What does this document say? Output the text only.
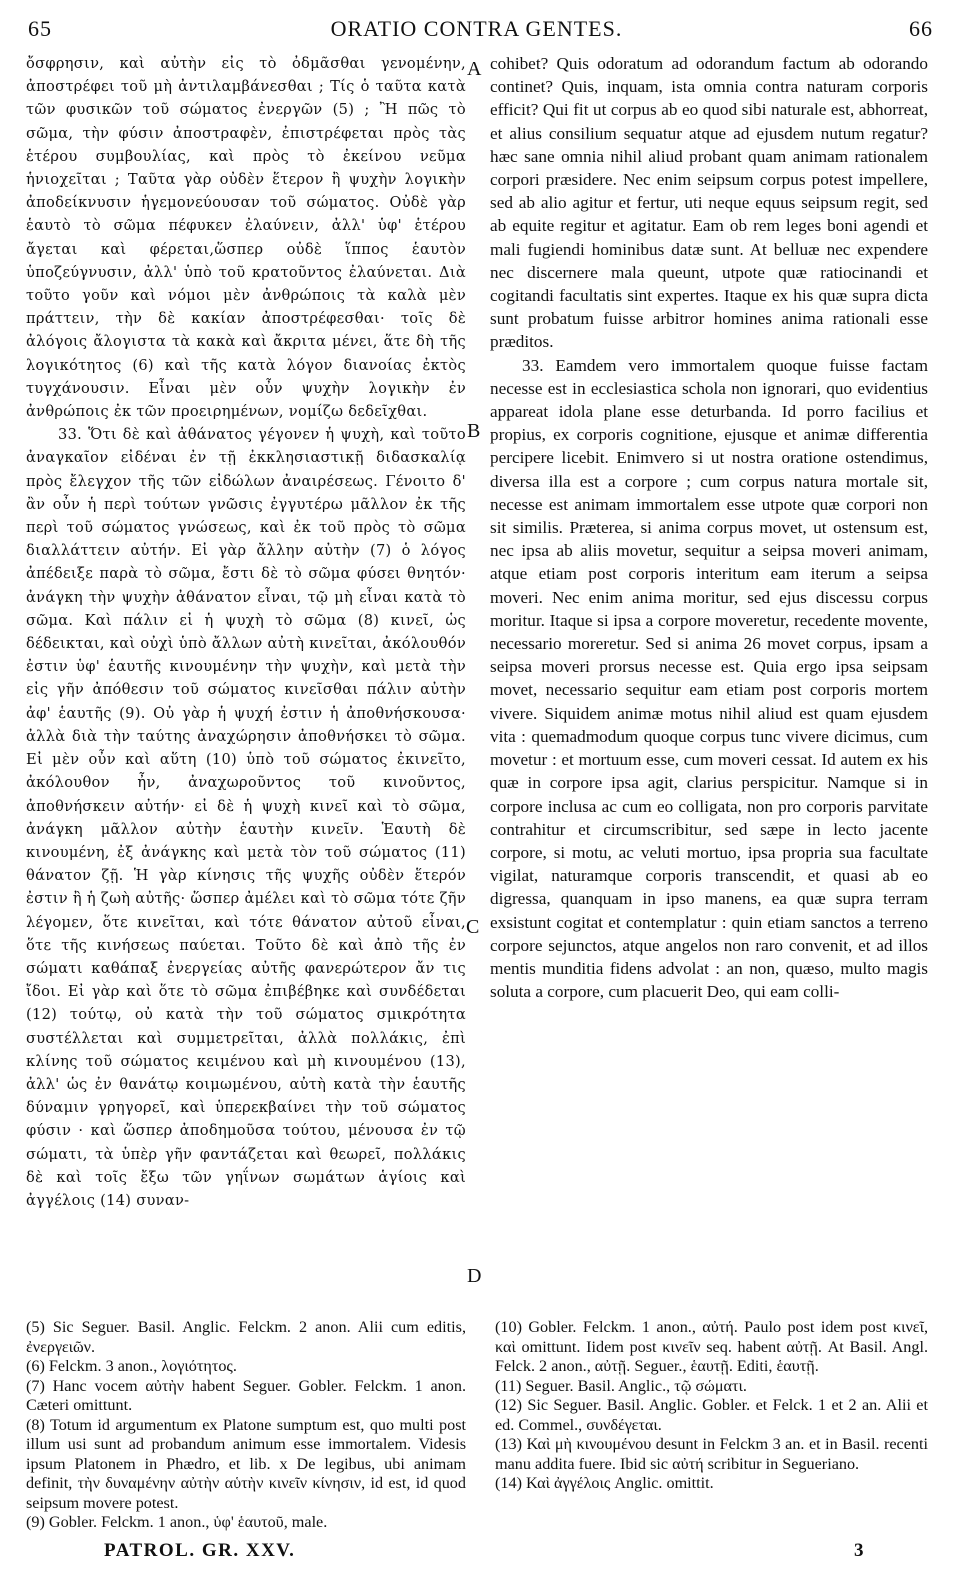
65	ORATIO CONTRA GENTES.	66

ὄσφρησιν, καὶ αὐτὴν εἰς τὸ ὀδμᾶσθαι γενομένην, ἀποστρέφει τοῦ μὴ ἀντιλαμβάνεσθαι ; Τίς ὁ ταῦτα κατὰ τῶν φυσικῶν τοῦ σώματος ἐνεργῶν (5) ; Ἢ πῶς τὸ σῶμα, τὴν φύσιν ἀποστραφὲν, ἐπιστρέφεται πρὸς τὰς ἑτέρου συμβουλίας, καὶ πρὸς τὸ ἐκείνου νεῦμα ἡνιοχεῖται ; Ταῦτα γὰρ οὐδὲν ἕτερον ἢ ψυχὴν λογικὴν ἀποδείκνυσιν ἡγεμονεύουσαν τοῦ σώματος. Οὐδὲ γὰρ ἑαυτὸ τὸ σῶμα πέφυκεν ἐλαύνειν, ἀλλ' ὑφ' ἑτέρου ἄγεται καὶ φέρεται,ὥσπερ οὐδὲ ἵππος ἑαυτὸν ὑποζεύγνυσιν, ἀλλ' ὑπὸ τοῦ κρατοῦντος ἐλαύνεται. Διὰ τοῦτο γοῦν καὶ νόμοι μὲν ἀνθρώποις τὰ καλὰ μὲν πράττειν, τὴν δὲ κακίαν ἀποστρέφεσθαι· τοῖς δὲ ἀλόγοις ἄλογιστα τὰ κακὰ καὶ ἄκριτα μένει, ἅτε δὴ τῆς λογικότητος (6) καὶ τῆς κατὰ λόγον διανοίας ἐκτὸς τυγχάνουσιν. Εἶναι μὲν οὖν ψυχὴν λογικὴν ἐν ἀνθρώποις ἐκ τῶν προειρημένων, νομίζω δεδεῖχθαι.

33. Ὅτι δὲ καὶ ἀθάνατος γέγονεν ἡ ψυχὴ, καὶ τοῦτο ἀναγκαῖον εἰδέναι ἐν τῇ ἐκκλησιαστικῇ διδασκαλίᾳ πρὸς ἔλεγχον τῆς τῶν εἰδώλων ἀναιρέσεως. Γένοιτο δ' ἂν οὖν ἡ περὶ τούτων γνῶσις ἐγγυτέρω μᾶλλον ἐκ τῆς περὶ τοῦ σώματος γνώσεως, καὶ ἐκ τοῦ πρὸς τὸ σῶμα διαλλάττειν αὐτήν. Εἰ γὰρ ἄλλην αὐτὴν (7) ὁ λόγος ἀπέδειξε παρὰ τὸ σῶμα, ἔστι δὲ τὸ σῶμα φύσει θνητόν· ἀνάγκη τὴν ψυχὴν ἀθάνατον εἶναι, τῷ μὴ εἶναι κατὰ τὸ σῶμα. Καὶ πάλιν εἰ ἡ ψυχὴ τὸ σῶμα (8) κινεῖ, ὡς δέδεικται, καὶ οὐχὶ ὑπὸ ἄλλων αὐτὴ κινεῖται, ἀκόλουθόν ἐστιν ὑφ' ἑαυτῆς κινουμένην τὴν ψυχὴν, καὶ μετὰ τὴν εἰς γῆν ἀπόθεσιν τοῦ σώματος κινεῖσθαι πάλιν αὐτὴν ἀφ' ἑαυτῆς (9). Οὐ γὰρ ἡ ψυχή ἐστιν ἡ ἀποθνήσκουσα· ἀλλὰ διὰ τὴν ταύτης ἀναχώρησιν ἀποθνήσκει τὸ σῶμα. Εἰ μὲν οὖν καὶ αὕτη (10) ὑπὸ τοῦ σώματος ἐκινεῖτο, ἀκόλουθον ἦν, ἀναχωροῦντος τοῦ κινοῦντος, ἀποθνήσκειν αὐτήν· εἰ δὲ ἡ ψυχὴ κινεῖ καὶ τὸ σῶμα, ἀνάγκη μᾶλλον αὐτὴν ἑαυτὴν κινεῖν. Ἑαυτὴ δὲ κινουμένη, ἐξ ἀνάγκης καὶ μετὰ τὸν τοῦ σώματος (11) θάνατον ζῇ. Ἡ γὰρ κίνησις τῆς ψυχῆς οὐδὲν ἕτερόν ἐστιν ἢ ἡ ζωὴ αὐτῆς· ὥσπερ ἀμέλει καὶ τὸ σῶμα τότε ζῆν λέγομεν, ὅτε κινεῖται, καὶ τότε θάνατον αὐτοῦ εἶναι, ὅτε τῆς κινήσεως παύεται. Τοῦτο δὲ καὶ ἀπὸ τῆς ἐν σώματι καθάπαξ ἐνεργείας αὐτῆς φανερώτερον ἄν τις ἴδοι. Εἰ γὰρ καὶ ὅτε τὸ σῶμα ἐπιβέβηκε καὶ συνδέδεται (12) τούτῳ, οὐ κατὰ τὴν τοῦ σώματος σμικρότητα συστέλλεται καὶ συμμετρεῖται, ἀλλὰ πολλάκις, ἐπὶ κλίνης τοῦ σώματος κειμένου καὶ μὴ κινουμένου (13), ἀλλ' ὡς ἐν θανάτῳ κοιμωμένου, αὐτὴ κατὰ τὴν ἑαυτῆς δύναμιν γρηγορεῖ, καὶ ὑπερεκβαίνει τὴν τοῦ σώματος φύσιν · καὶ ὥσπερ ἀποδημοῦσα τούτου, μένουσα ἐν τῷ σώματι, τὰ ὑπὲρ γῆν φαντάζεται καὶ θεωρεῖ, πολλάκις δὲ καὶ τοῖς ἔξω τῶν γηΐνων σωμάτων ἁγίοις καὶ ἀγγέλοις (14) συναν-

A
B
C
D

cohibet? Quis odoratum ad odorandum factum ab odorando continet? Quis, inquam, ista omnia contra naturam corporis efficit? Qui fit ut corpus ab eo quod sibi naturale est, abhorreat, et alius consilium sequatur atque ad ejusdem nutum regatur? hæc sane omnia nihil aliud probant quam animam rationalem corpori præsidere. Nec enim seipsum corpus potest impellere, sed ab alio agitur et fertur, uti neque equus seipsum regit, sed ab equite regitur et agitatur. Eam ob rem leges boni agendi et mali fugiendi hominibus datæ sunt. At belluæ nec expendere nec discernere mala queunt, utpote quæ ratiocinandi et cogitandi facultatis sint expertes. Itaque ex his quæ supra dicta sunt probatum fuisse arbitror homines anima rationali esse præditos.

33. Eamdem vero immortalem quoque fuisse factam necesse est in ecclesiastica schola non ignorari, quo evidentius appareat idola plane esse deturbanda. Id porro facilius et propius, ex corporis cognitione, ejusque et animæ differentia percipere licebit. Enimvero si ut nostra oratione ostendimus, diversa illa est a corpore ; cum corpus natura mortale sit, necesse est animam immortalem esse utpote quæ corpori non sit similis. Præterea, si anima corpus movet, ut ostensum est, nec ipsa ab aliis movetur, sequitur a seipsa moveri animam, atque etiam post corporis interitum eam iterum a seipsa moveri. Nec enim anima moritur, sed ejus discessu corpus moritur. Itaque si ipsa a corpore moveretur, recedente movente, necessario moreretur. Sed si anima 26 movet corpus, ipsam a seipsa moveri prorsus necesse est. Quia ergo ipsa seipsam movet, necessario sequitur eam etiam post corporis mortem vivere. Siquidem animæ motus nihil aliud est quam ejusdem vita : quemadmodum quoque corpus tunc vivere dicimus, cum movetur : et mortuum esse, cum moveri cessat. Id autem ex his quæ in corpore ipsa agit, clarius perspicitur. Namque si in corpore inclusa ac cum eo colligata, non pro corporis parvitate contrahitur et circumscribitur, sed sæpe in lecto jacente corpore, si motu, ac veluti mortuo, ipsa propria sua facultate vigilat, naturamque corporis transcendit, et quasi ab eo digressa, quanquam in ipso manens, ea quæ supra terram exsistunt cogitat et contemplatur : quin etiam sanctos a terreno corpore sejunctos, atque angelos non raro convenit, et ad illos mentis munditia fidens advolat : an non, quæso, multo magis soluta a corpore, cum placuerit Deo, qui eam colli-

(5) Sic Seguer. Basil. Anglic. Felckm. 2 anon. Alii cum editis, ἐνεργειῶν.
(6) Felckm. 3 anon., λογιότητος.
(7) Hanc vocem αὐτὴν habent Seguer. Gobler. Felckm. 1 anon. Cæteri omittunt.
(8) Totum id argumentum ex Platone sumptum est, quo multi post illum usi sunt ad probandum animum esse immortalem. Videsis ipsum Platonem in Phædro, et lib. x De legibus, ubi animam definit, τὴν δυναμένην αὐτὴν αὑτὴν κινεῖν κίνησιν, id est, id quod seipsum movere potest.
(9) Gobler. Felckm. 1 anon., ὑφ' ἑαυτοῦ, male.
(10) Gobler. Felckm. 1 anon., αὐτή. Paulo post idem post κινεῖ, καὶ omittunt. Iidem post κινεῖν seq. habent αὐτῇ. At Basil. Angl. Felck. 2 anon., αὐτῇ. Seguer., ἑαυτῇ. Editi, ἑαυτῇ.
(11) Seguer. Basil. Anglic., τῷ σώματι.
(12) Sic Seguer. Basil. Anglic. Gobler. et Felck. 1 et 2 an. Alii et ed. Commel., συνδέγεται.
(13) Καὶ μὴ κινουμένου desunt in Felckm 3 an. et in Basil. recenti manu addita fuere. Ibid sic αὐτή scribitur in Segueriano.
(14) Καὶ ἀγγέλοις Anglic. omittit.
PATROL. GR. XXV.	3
